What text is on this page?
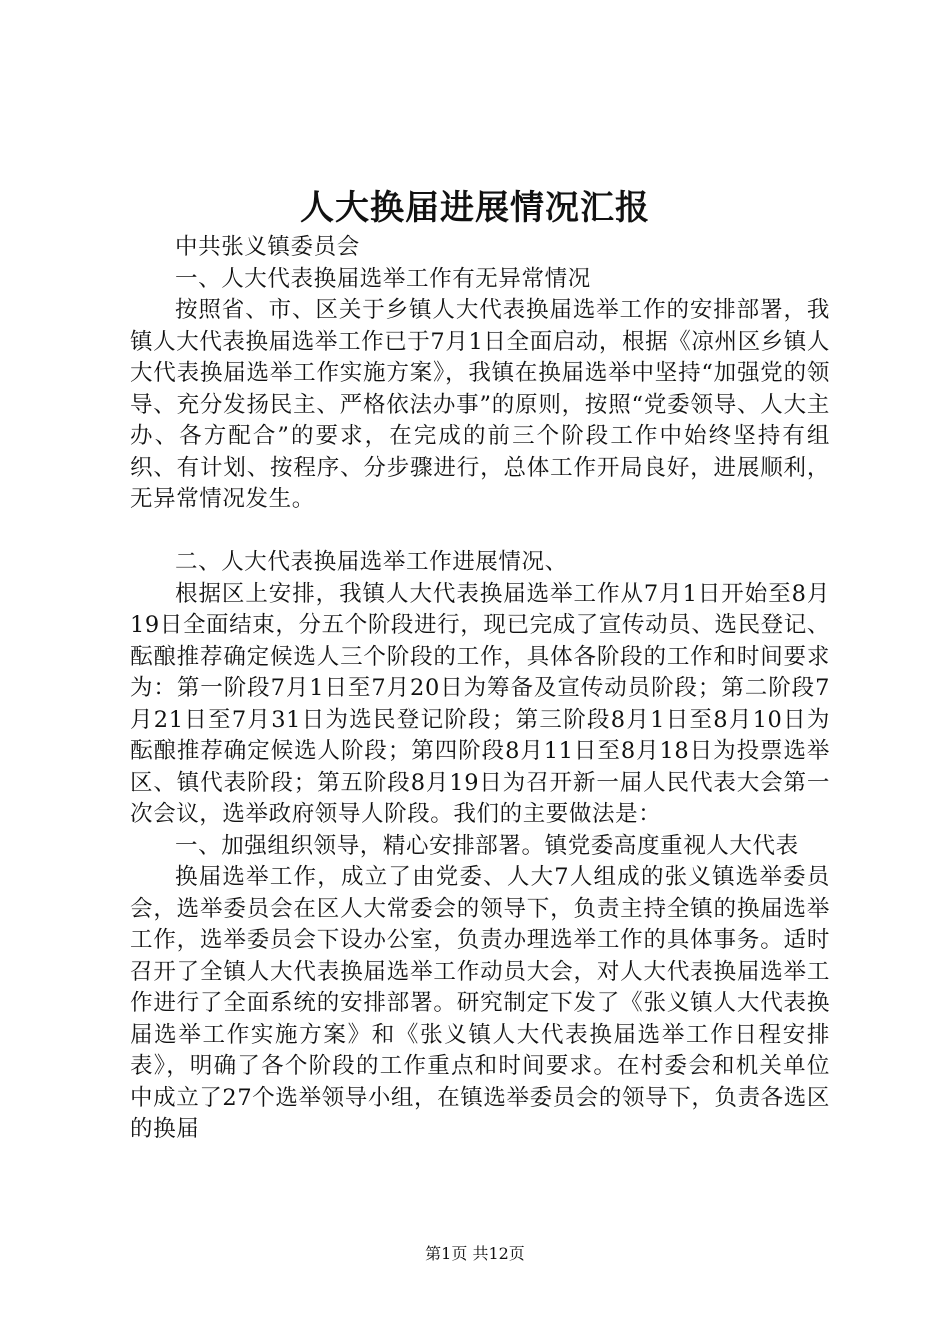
人大换届进展情况汇报

中共张义镇委员会

一、人大代表换届选举工作有无异常情况

按照省、市、区关于乡镇人大代表换届选举工作的安排部署，我镇人大代表换届选举工作已于7月1日全面启动，根据《凉州区乡镇人大代表换届选举工作实施方案》，我镇在换届选举中坚持“加强党的领导、充分发扬民主、严格依法办事”的原则，按照“党委领导、人大主办、各方配合”的要求，在完成的前三个阶段工作中始终坚持有组织、有计划、按程序、分步骤进行，总体工作开局良好，进展顺利，无异常情况发生。

二、人大代表换届选举工作进展情况、

根据区上安排，我镇人大代表换届选举工作从7月1日开始至8月19日全面结束，分五个阶段进行，现已完成了宣传动员、选民登记、酝酿推荐确定候选人三个阶段的工作，具体各阶段的工作和时间要求为：第一阶段7月1日至7月20日为筹备及宣传动员阶段；第二阶段7月21日至7月31日为选民登记阶段；第三阶段8月1日至8月10日为酝酿推荐确定候选人阶段；第四阶段8月11日至8月18日为投票选举区、镇代表阶段；第五阶段8月19日为召开新一届人民代表大会第一次会议，选举政府领导人阶段。我们的主要做法是：

一、加强组织领导，精心安排部署。镇党委高度重视人大代表

换届选举工作，成立了由党委、人大7人组成的张义镇选举委员会，选举委员会在区人大常委会的领导下，负责主持全镇的换届选举工作，选举委员会下设办公室，负责办理选举工作的具体事务。适时召开了全镇人大代表换届选举工作动员大会，对人大代表换届选举工作进行了全面系统的安排部署。研究制定下发了《张义镇人大代表换届选举工作实施方案》和《张义镇人大代表换届选举工作日程安排表》，明确了各个阶段的工作重点和时间要求。在村委会和机关单位中成立了27个选举领导小组，在镇选举委员会的领导下，负责各选区的换届

第1页 共12页
